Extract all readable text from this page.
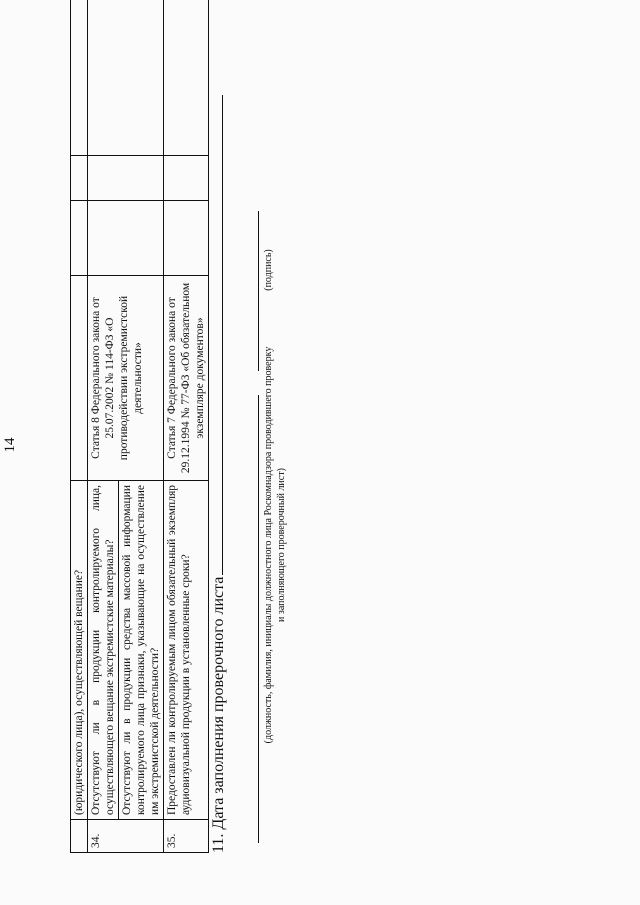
14
	(юридического лица), осуществляющей вещание?				
34.	Отсутствуют ли в продукции контролируемого лица, осуществляющего вещание экстремистские материалы?	Статья 8 Федерального закона от 25.07.2002 № 114-ФЗ «О противодействии экстремистской деятельности»			
	Отсутствуют ли в продукции средства массовой информации контролируемого лица признаки, указывающие на осуществление им экстремистской деятельности?				
35.	Предоставлен ли контролируемым лицом обязательный экземпляр аудиовизуальной продукции в установленные сроки?	Статья 7 Федерального закона от 29.12.1994 № 77-ФЗ «Об обязательном экземпляре документов»			
11. Дата заполнения проверочного листа	(должность, фамилия, инициалы должностного лица Роскомнадзора проводившего проверку и заполняющего проверочный лист)
(подпись)
